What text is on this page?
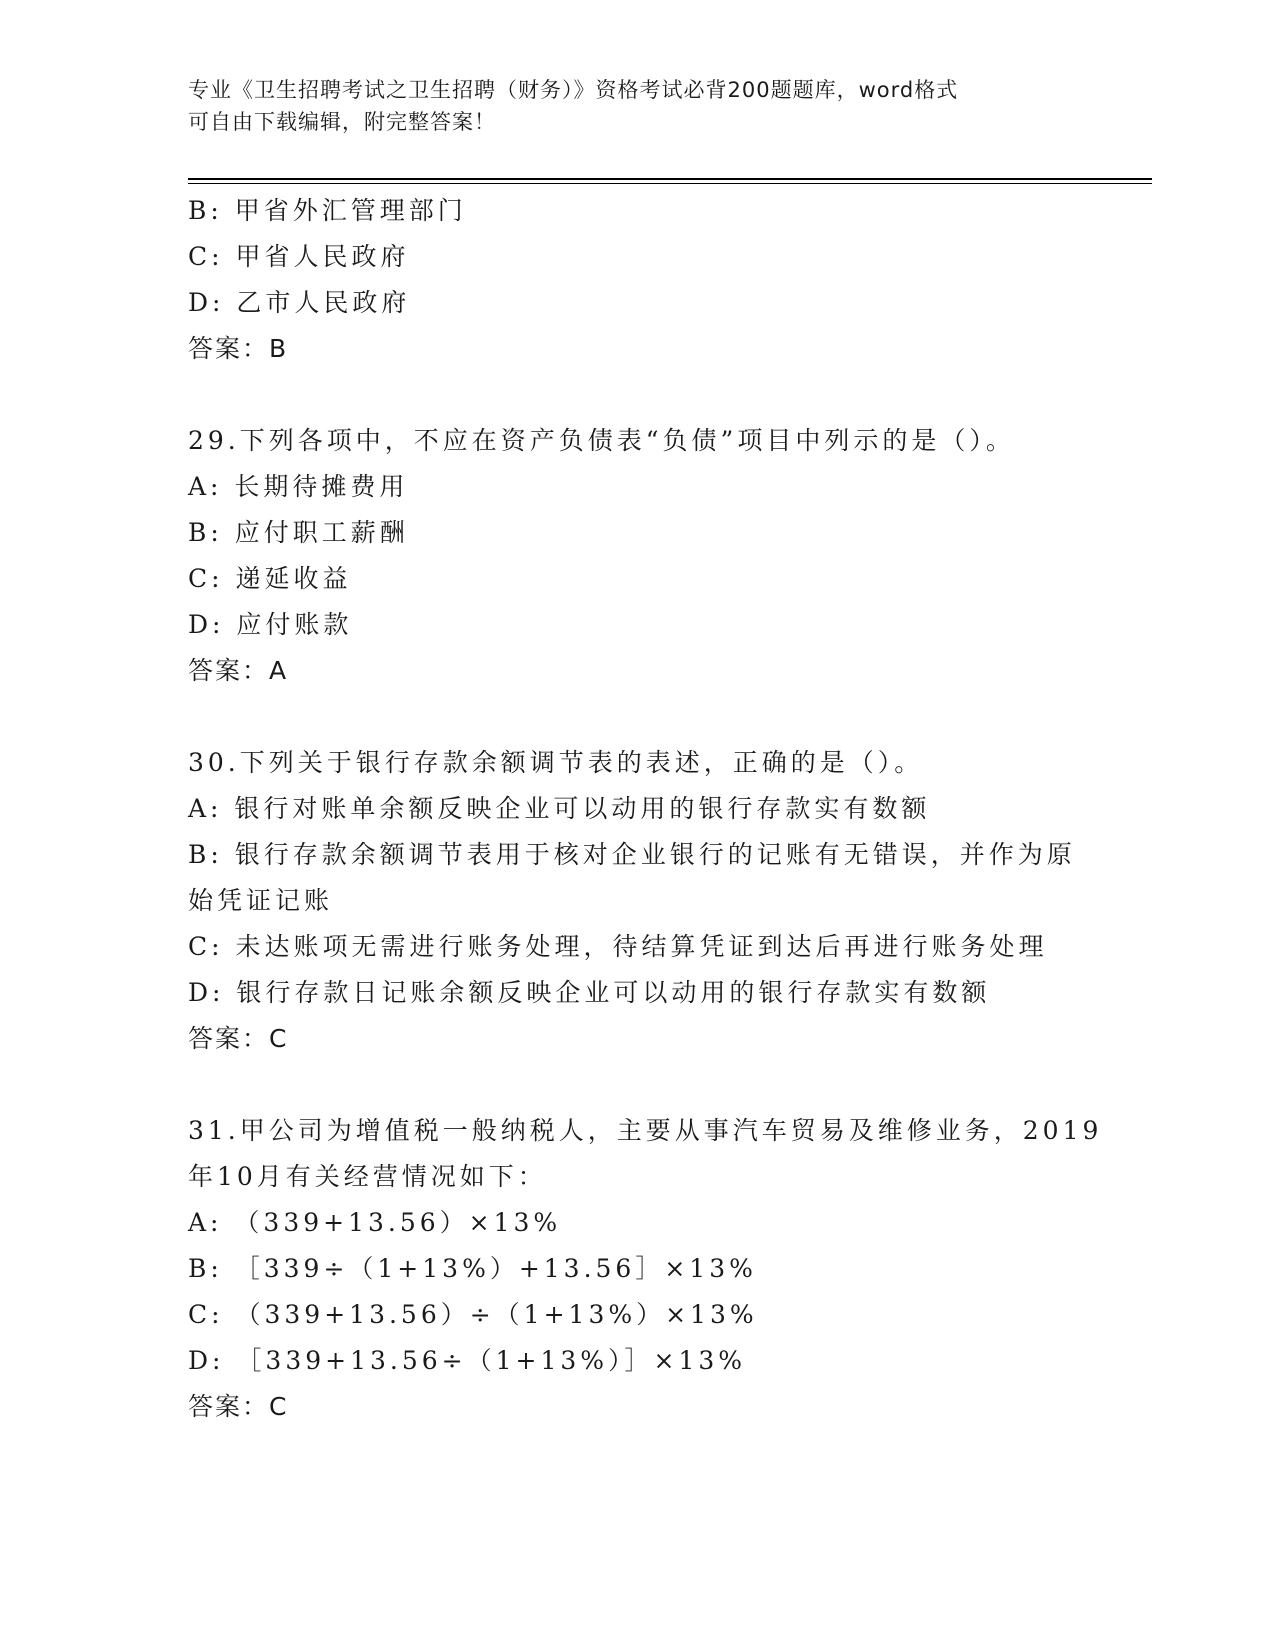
专业《卫生招聘考试之卫生招聘（财务）》资格考试必背200题题库，word格式
可自由下载编辑，附完整答案！
B: 甲省外汇管理部门
C: 甲省人民政府
D: 乙市人民政府
答案：B
29.下列各项中，不应在资产负债表“负债”项目中列示的是（）。
A: 长期待摊费用
B: 应付职工薪酬
C: 递延收益
D: 应付账款
答案：A
30.下列关于银行存款余额调节表的表述，正确的是（）。
A: 银行对账单余额反映企业可以动用的银行存款实有数额
B: 银行存款余额调节表用于核对企业银行的记账有无错误，并作为原
始凭证记账
C: 未达账项无需进行账务处理，待结算凭证到达后再进行账务处理
D: 银行存款日记账余额反映企业可以动用的银行存款实有数额
答案：C
31.甲公司为增值税一般纳税人，主要从事汽车贸易及维修业务，2019
年10月有关经营情况如下：
A: （339+13.56）×13%
B: ［339÷（1+13%）+13.56］×13%
C: （339+13.56）÷（1+13%）×13%
D: ［339+13.56÷（1+13%）］×13%
答案：C
